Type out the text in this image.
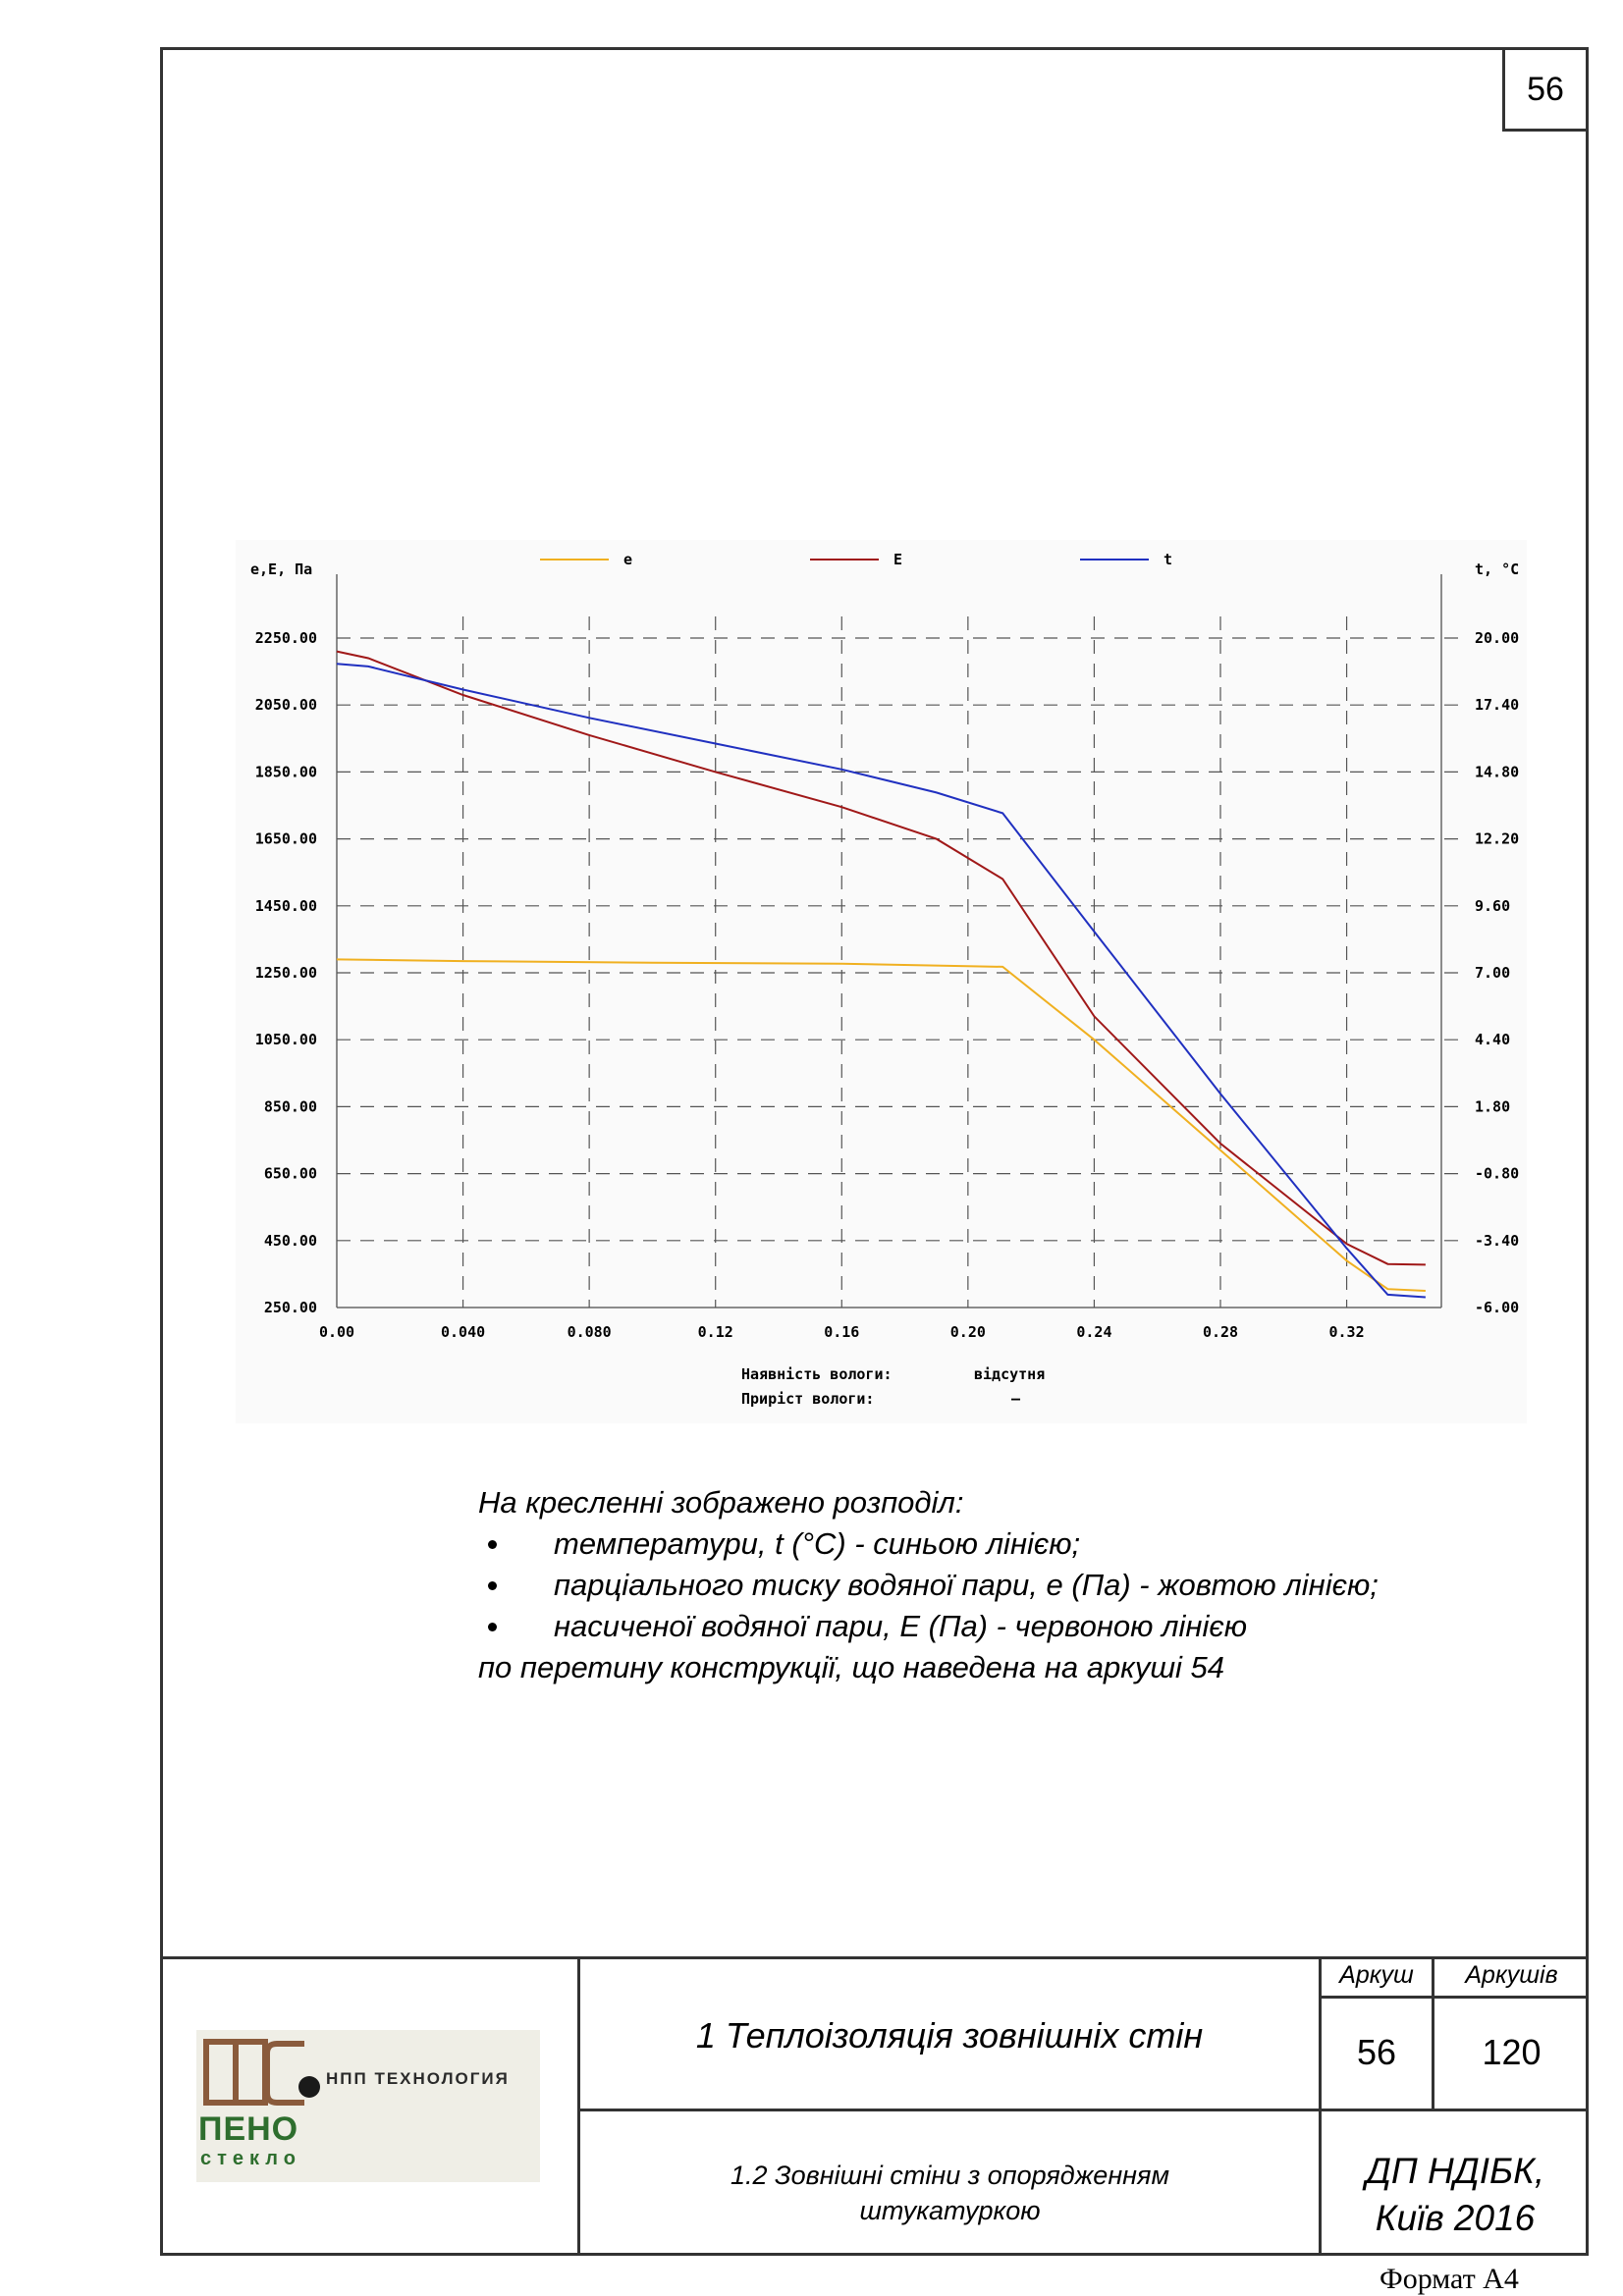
56
2250.00	20.00
2050.00	17.40
1850.00	14.80
1650.00	12.20
1450.00	9.60
1250.00	7.00
1050.00	4.40
850.00	1.80
650.00	-0.80
450.00	-3.40
250.00	-6.00
0.00	0.040	0.080	0.12	0.16	0.20	0.24	0.28	0.32
e,E, Па	t, °C
e	E	t
Наявність вологи:	відсутня
Приріст вологи:	–
На кресленні зображено розподіл:
температури, t (°C) - синьою лінією;
парціального тиску водяної пари, е (Па) - жовтою лінією;
насиченої водяної пари, Е (Па) - червоною лінією
по перетину конструкції, що наведена на аркуші 54
Аркуш	Аркушів
56	120
1 Теплоізоляція зовнішніх стін
1.2 Зовнішні стіни з опорядженням штукатуркою
ДП НДІБК,
Київ 2016
НПП ТЕХНОЛОГИЯ
ПЕНО
стекло
Формат А4
